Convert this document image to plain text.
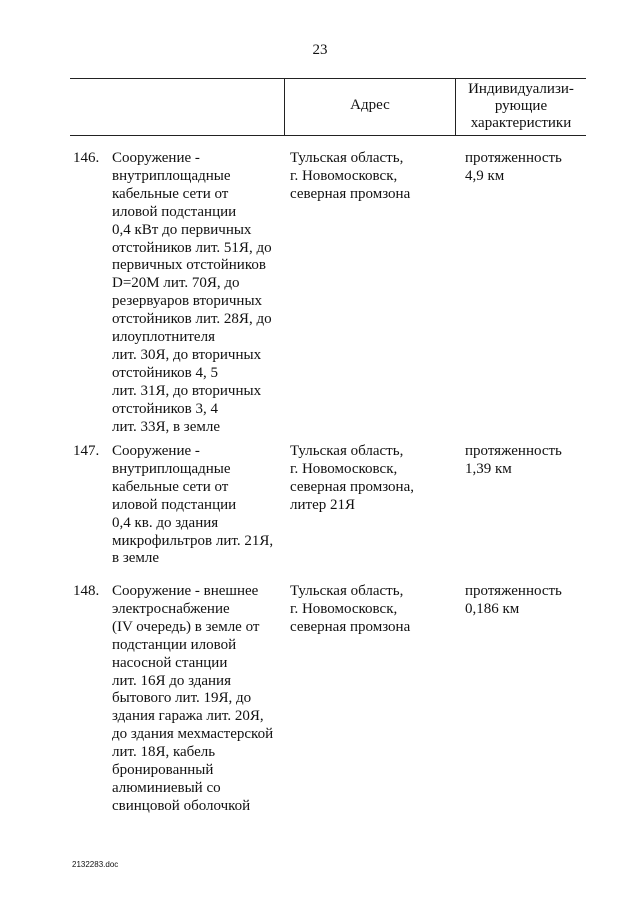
23
Адрес
Индивидуализи-
рующие
характеристики
146. Сооружение -
внутриплощадные
кабельные сети от
иловой подстанции
0,4 кВт до первичных
отстойников лит. 51Я, до
первичных отстойников
D=20М лит. 70Я, до
резервуаров вторичных
отстойников лит. 28Я, до
илоуплотнителя
лит. 30Я, до вторичных
отстойников 4, 5
лит. 31Я, до вторичных
отстойников 3, 4
лит. 33Я, в земле
Тульская область,
г. Новомосковск,
северная промзона
протяженность
4,9 км
147. Сооружение -
внутриплощадные
кабельные сети от
иловой подстанции
0,4 кв. до здания
микрофильтров лит. 21Я,
в земле
Тульская область,
г. Новомосковск,
северная промзона,
литер 21Я
протяженность
1,39 км
148. Сооружение - внешнее
электроснабжение
(IV очередь) в земле от
подстанции иловой
насосной станции
лит. 16Я до здания
бытового лит. 19Я, до
здания гаража лит. 20Я,
до здания мехмастерской
лит. 18Я, кабель
бронированный
алюминиевый со
свинцовой оболочкой
Тульская область,
г. Новомосковск,
северная промзона
протяженность
0,186 км
2132283.doc
